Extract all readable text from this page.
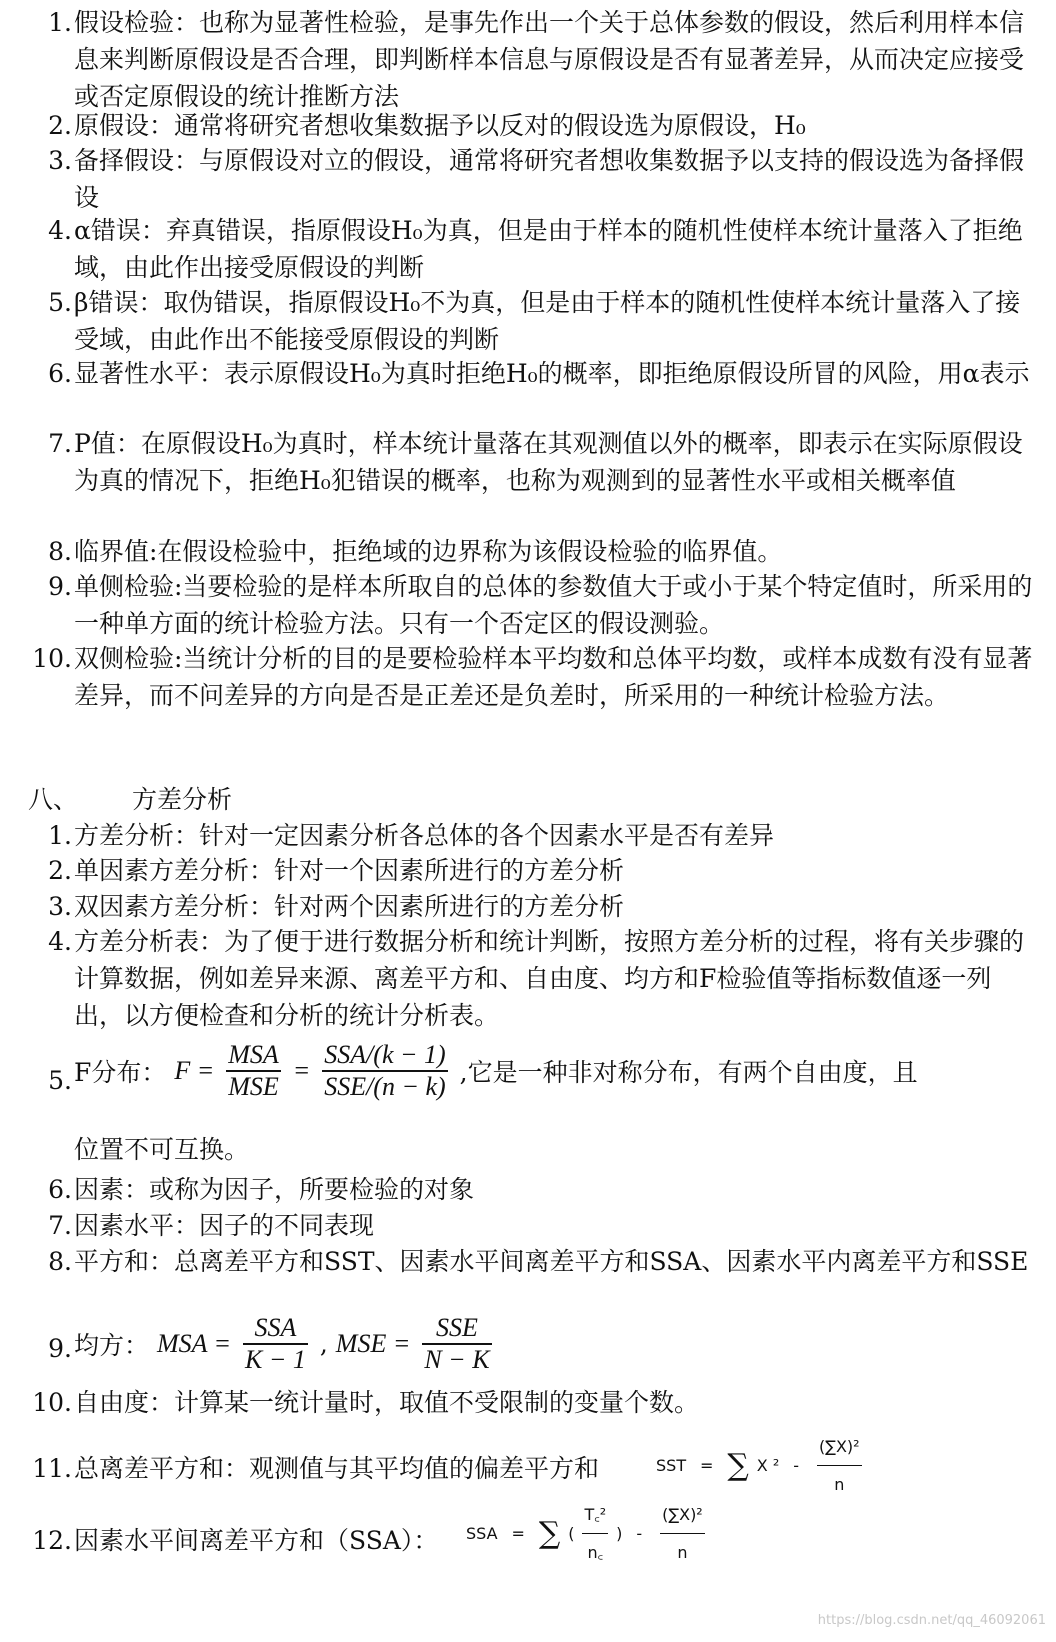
1. 假设检验：也称为显著性检验，是事先作出一个关于总体参数的假设，然后利用样本信息来判断原假设是否合理，即判断样本信息与原假设是否有显著差异，从而决定应接受或否定原假设的统计推断方法
2. 原假设：通常将研究者想收集数据予以反对的假设选为原假设，H₀
3. 备择假设：与原假设对立的假设，通常将研究者想收集数据予以支持的假设选为备择假设
4. α错误：弃真错误，指原假设H₀为真，但是由于样本的随机性使样本统计量落入了拒绝域，由此作出接受原假设的判断
5. β错误：取伪错误，指原假设H₀不为真，但是由于样本的随机性使样本统计量落入了接受域，由此作出不能接受原假设的判断
6. 显著性水平：表示原假设H₀为真时拒绝H₀的概率，即拒绝原假设所冒的风险，用α表示
7. P值：在原假设H₀为真时，样本统计量落在其观测值以外的概率，即表示在实际原假设为真的情况下，拒绝H₀犯错误的概率，也称为观测到的显著性水平或相关概率值
8. 临界值:在假设检验中，拒绝域的边界称为该假设检验的临界值。
9. 单侧检验:当要检验的是样本所取自的总体的参数值大于或小于某个特定值时，所采用的一种单方面的统计检验方法。只有一个否定区的假设测验。
10. 双侧检验:当统计分析的目的是要检验样本平均数和总体平均数，或样本成数有没有显著差异，而不问差异的方向是否是正差还是负差时，所采用的一种统计检验方法。
八、 方差分析
1. 方差分析：针对一定因素分析各总体的各个因素水平是否有差异
2. 单因素方差分析：针对一个因素所进行的方差分析
3. 双因素方差分析：针对两个因素所进行的方差分析
4. 方差分析表：为了便于进行数据分析和统计判断，按照方差分析的过程，将有关步骤的计算数据，例如差异来源、离差平方和、自由度、均方和F检验值等指标数值逐一列出，以方便检查和分析的统计分析表。
5. F分布： $F = \frac{\text{MSA}}{\text{MSE}} = \frac{\text{SSA/(k − 1)}}{\text{SSE/(n − k)}}$ ,它是一种非对称分布，有两个自由度，且
位置不可互换。
6. 因素：或称为因子，所要检验的对象
7. 因素水平：因子的不同表现
8. 平方和：总离差平方和SST、因素水平间离差平方和SSA、因素水平内离差平方和SSE
9. 均方： MSA = $\frac{\text{SSA}}{K - 1}$ , MSE = $\frac{\text{SSE}}{N - K}$
10. 自由度：计算某一统计量时，取值不受限制的变量个数。
11. 总离差平方和：观测值与其平均值的偏差平方和	SST = ∑ X $^2 - \frac{\text{(∑X)²}}{n}$
12. 因素水平间离差平方和（SSA）：	SSA = ∑ ( $\frac{\text{T꜀²}}{n꜀}$ ) - $\frac{\text{(∑X)²}}{n}$
https://blog.csdn.net/qq_46092061
